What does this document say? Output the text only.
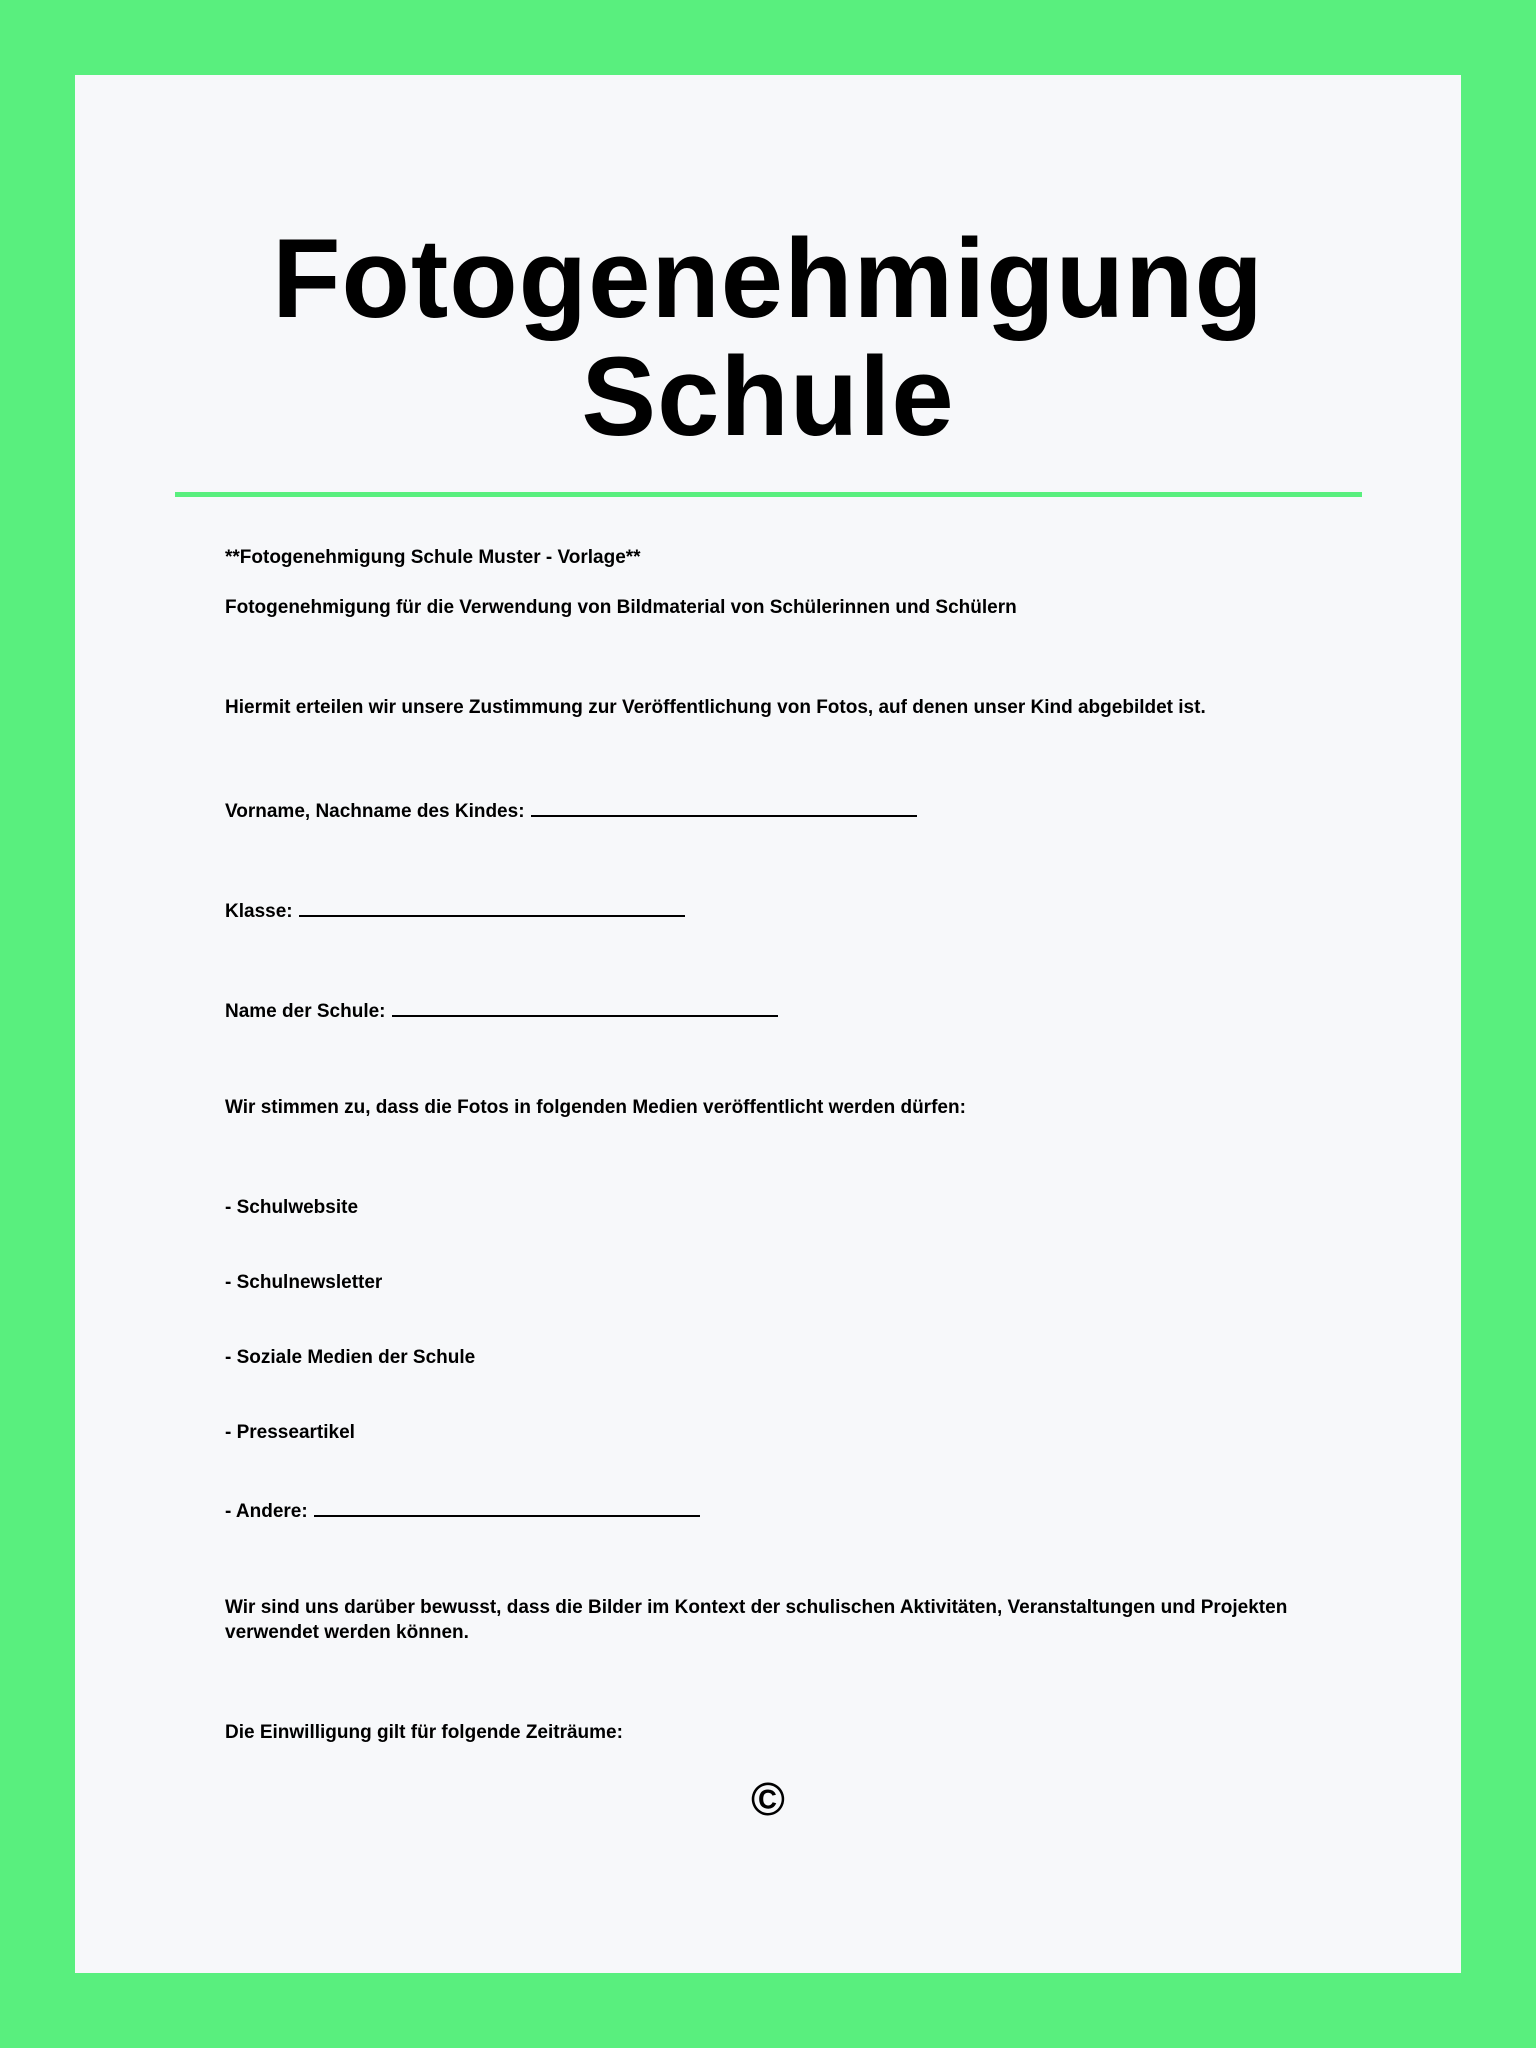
Fotogenehmigung
Schule

**Fotogenehmigung Schule Muster - Vorlage**

Fotogenehmigung für die Verwendung von Bildmaterial von Schülerinnen und Schülern

Hiermit erteilen wir unsere Zustimmung zur Veröffentlichung von Fotos, auf denen unser Kind abgebildet ist.

Vorname, Nachname des Kindes:

Klasse:

Name der Schule:

Wir stimmen zu, dass die Fotos in folgenden Medien veröffentlicht werden dürfen:

- Schulwebsite

- Schulnewsletter

- Soziale Medien der Schule

- Presseartikel

- Andere:

Wir sind uns darüber bewusst, dass die Bilder im Kontext der schulischen Aktivitäten, Veranstaltungen und Projekten verwendet werden können.

Die Einwilligung gilt für folgende Zeiträume:

©
